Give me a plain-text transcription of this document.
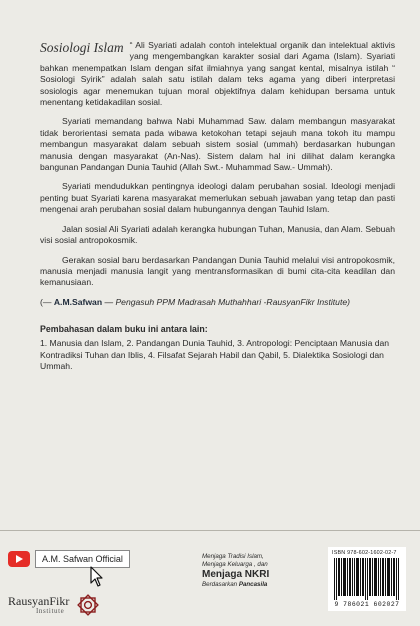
Sosiologi Islam “ Ali Syariati adalah contoh intelektual organik dan intelektual aktivis yang mengembangkan karakter sosial dari Agama (Islam). Syariati bahkan menempatkan Islam dengan sifat ilmiahnya yang sangat kental, misalnya istilah “ Sosiologi Syirik” adalah salah satu istilah dalam teks agama yang diberi interpretasi sosiologis agar menemukan tujuan moral objektifnya dalam kehidupan bersama untuk menentang ketidakadilan sosial.

Syariati memandang bahwa Nabi Muhammad Saw. dalam membangun masyarakat tidak berorientasi semata pada wibawa ketokohan tetapi sejauh mana tokoh itu mampu membangun masyarakat dalam sebuah sistem sosial (ummah) berdasarkan hubungan manusia dengan masyarakat (An-Nas). Sistem dalam hal ini dilihat dalam kerangka bangunan Pandangan Dunia Tauhid (Allah Swt.- Muhammad Saw.- Ummah).

Syariati mendudukkan pentingnya ideologi dalam perubahan sosial. Ideologi menjadi penting buat Syariati karena masyarakat memerlukan sebuah jawaban yang tetap dan pasti mengenai arah perubahan sosial dalam hubungannya dengan Tauhid Islam.

Jalan sosial Ali Syariati adalah kerangka hubungan Tuhan, Manusia, dan Alam. Sebuah visi sosial antropokosmik.

Gerakan sosial baru berdasarkan Pandangan Dunia Tauhid melalui visi antropokosmik, manusia menjadi manusia langit yang mentransformasikan di bumi cita-cita keadilan dan kemanusiaan.

(— A.M.Safwan — Pengasuh PPM Madrasah Muthahhari -RausyanFikr Institute)

Pembahasan dalam buku ini antara lain:
1. Manusia dan Islam, 2. Pandangan Dunia Tauhid, 3. Antropologi: Penciptaan Manusia dan Kontradiksi Tuhan dan Iblis, 4. Filsafat Sejarah Habil dan Qabil, 5. Dialektika Sosiologi dan Ummah.
A.M. Safwan Official
RausyanFikr
Institute
Menjaga Tradisi Islam,
Menjaga Keluarga , dan
Menjaga NKRI
Berdasarkan Pancasila
ISBN 978-602-1602-02-7
9 786021 602027
